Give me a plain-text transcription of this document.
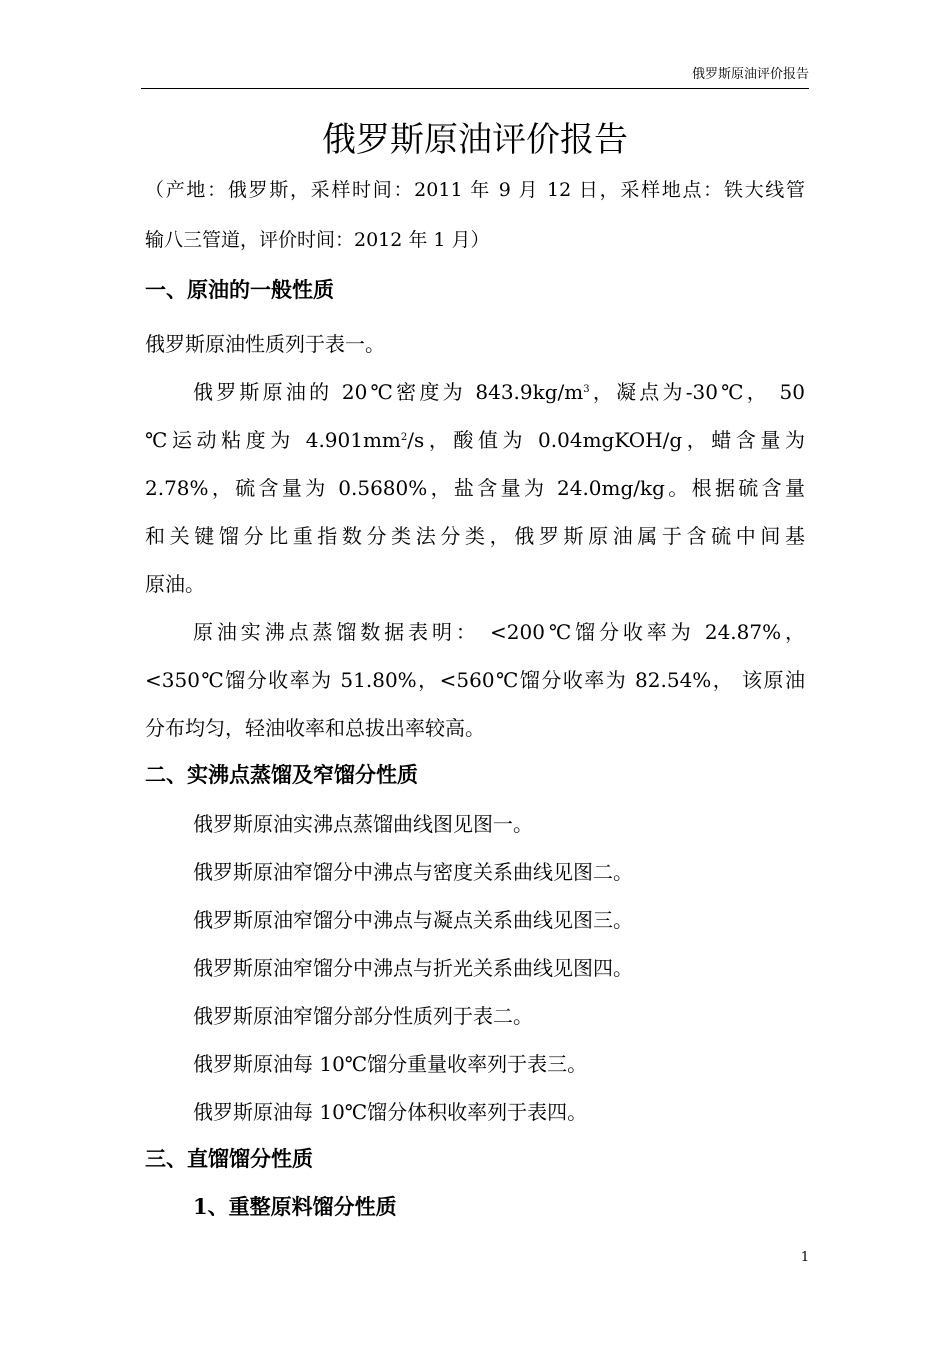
俄罗斯原油评价报告
俄罗斯原油评价报告
（产地：俄罗斯，采样时间：2011 年 9 月 12 日，采样地点：铁大线管
输八三管道，评价时间：2012 年 1 月）
一、原油的一般性质
俄罗斯原油性质列于表一。
俄罗斯原油的 20℃密度为 $843.9kg/m^3$，凝点为-30℃， 50
℃运动粘度为 $4.901mm^2/s$，酸值为 0.04mgKOH/g，蜡含量为
2.78%，硫含量为 0.5680%，盐含量为 24.0mg/kg。根据硫含量
和关键馏分比重指数分类法分类，俄罗斯原油属于含硫中间基
原油。
原油实沸点蒸馏数据表明： <200℃馏分收率为 24.87%，
<350℃馏分收率为 51.80%，<560℃馏分收率为 82.54%， 该原油
分布均匀，轻油收率和总拔出率较高。
二、实沸点蒸馏及窄馏分性质
俄罗斯原油实沸点蒸馏曲线图见图一。
俄罗斯原油窄馏分中沸点与密度关系曲线见图二。
俄罗斯原油窄馏分中沸点与凝点关系曲线见图三。
俄罗斯原油窄馏分中沸点与折光关系曲线见图四。
俄罗斯原油窄馏分部分性质列于表二。
俄罗斯原油每 10℃馏分重量收率列于表三。
俄罗斯原油每 10℃馏分体积收率列于表四。
三、直馏馏分性质
1、重整原料馏分性质
1
